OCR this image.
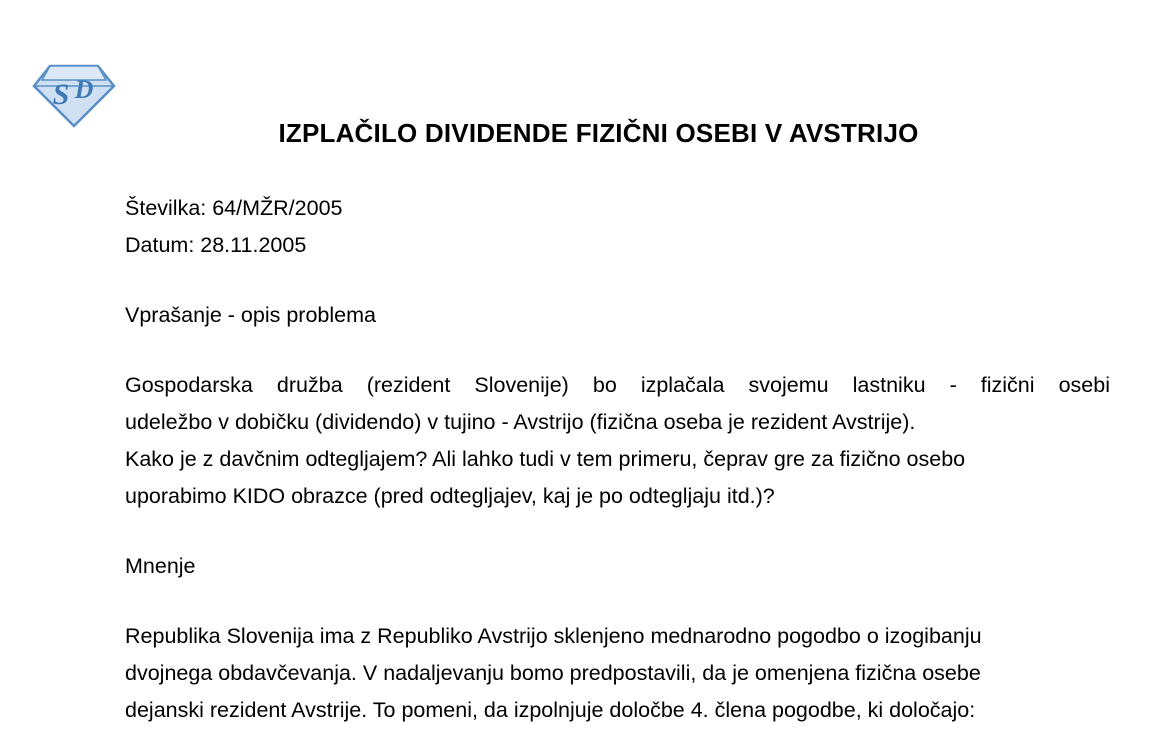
S D
IZPLAČILO DIVIDENDE FIZIČNI OSEBI V AVSTRIJO
Številka: 64/MŽR/2005
Datum: 28.11.2005
Vprašanje - opis problema
Gospodarska družba (rezident Slovenije) bo izplačala svojemu lastniku - fizični osebi
udeležbo v dobičku (dividendo) v tujino - Avstrijo (fizična oseba je rezident Avstrije).
Kako je z davčnim odtegljajem? Ali lahko tudi v tem primeru, čeprav gre za fizično osebo
uporabimo KIDO obrazce (pred odtegljajev, kaj je po odtegljaju itd.)?
Mnenje
Republika Slovenija ima z Republiko Avstrijo sklenjeno mednarodno pogodbo o izogibanju
dvojnega obdavčevanja. V nadaljevanju bomo predpostavili, da je omenjena fizična osebe
dejanski rezident Avstrije. To pomeni, da izpolnjuje določbe 4. člena pogodbe, ki določajo:
